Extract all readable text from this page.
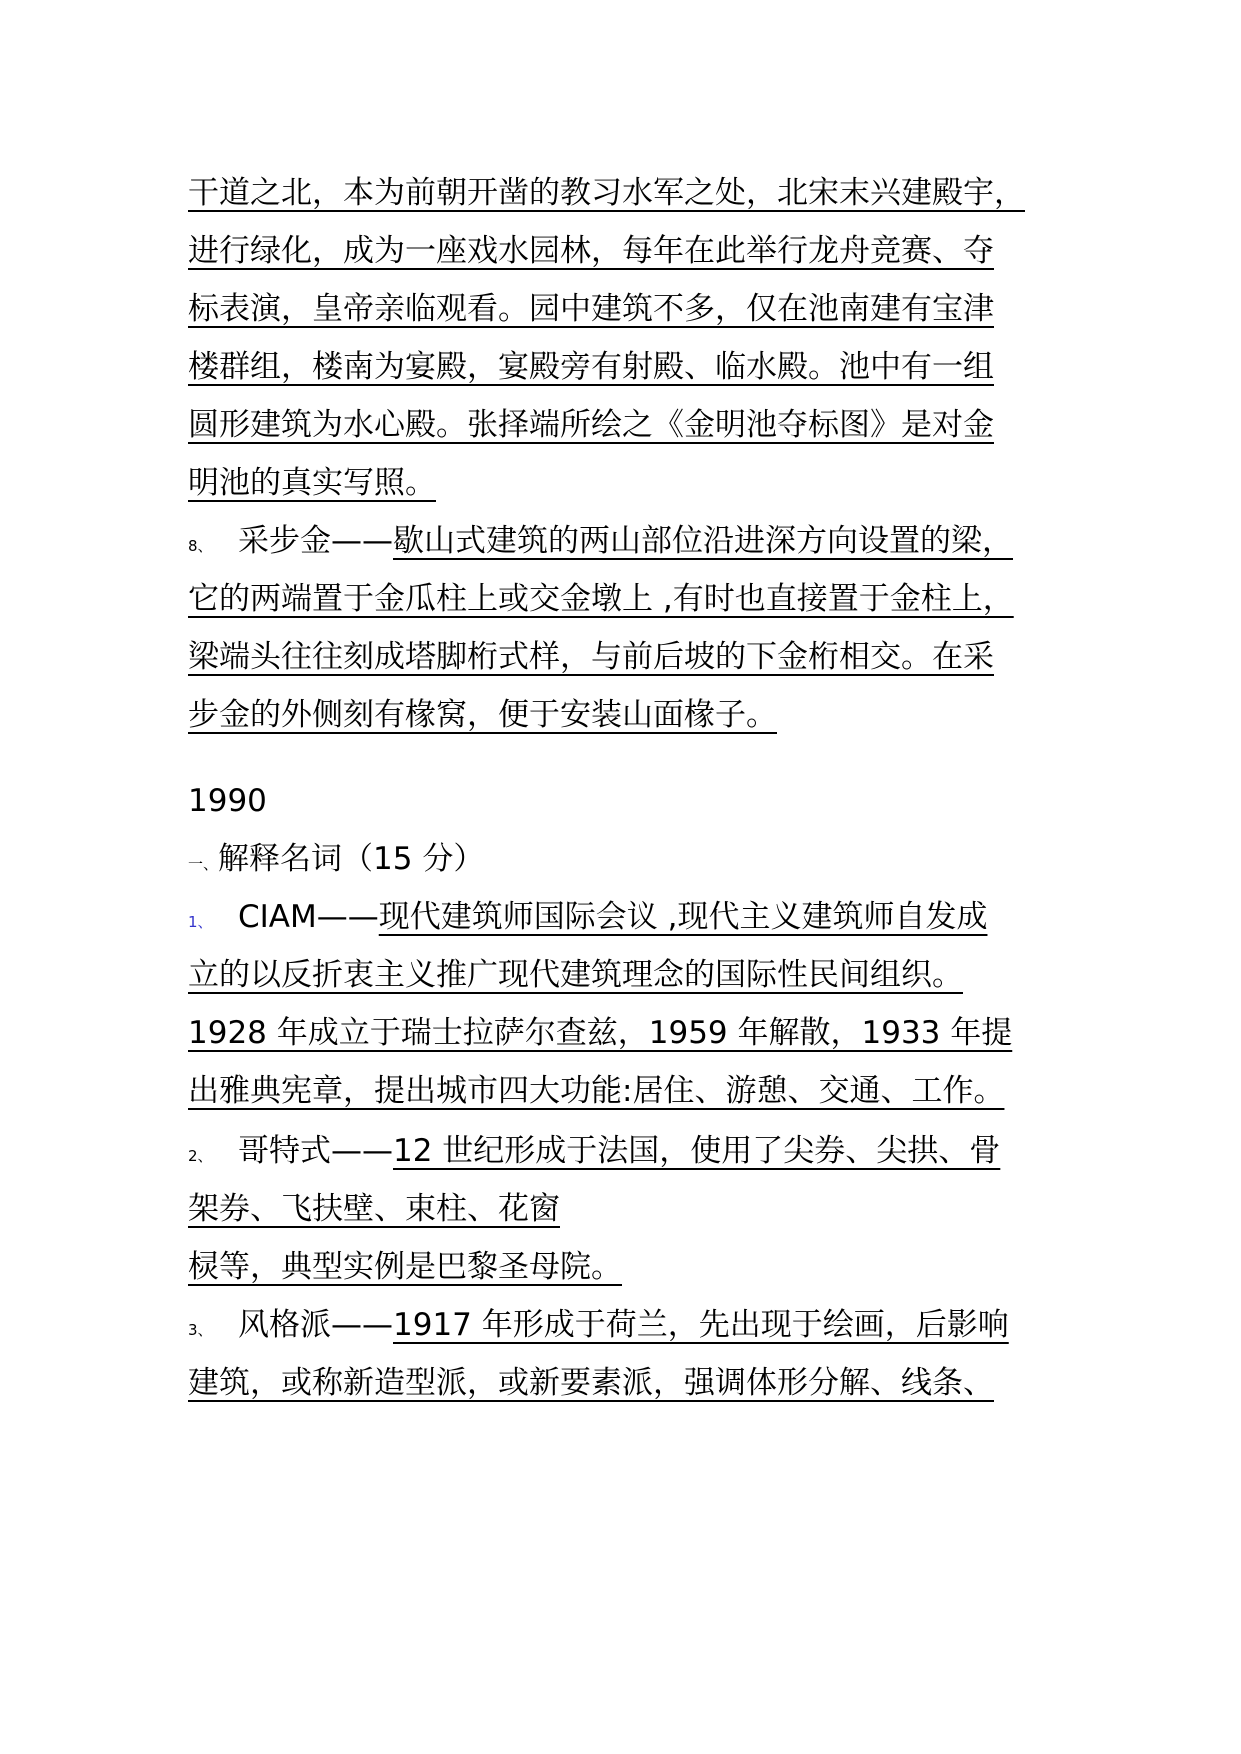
干道之北，本为前朝开凿的教习水军之处，北宋末兴建殿宇，
进行绿化，成为一座戏水园林，每年在此举行龙舟竞赛、夺
标表演，皇帝亲临观看。园中建筑不多，仅在池南建有宝津
楼群组，楼南为宴殿，宴殿旁有射殿、临水殿。池中有一组
圆形建筑为水心殿。张择端所绘之《金明池夺标图》是对金
明池的真实写照。
8、 采步金——歇山式建筑的两山部位沿进深方向设置的梁，
它的两端置于金瓜柱上或交金墩上 ,有时也直接置于金柱上，
梁端头往往刻成塔脚桁式样，与前后坡的下金桁相交。在采
步金的外侧刻有椽窝，便于安装山面椽子。
1990
一、解释名词（15 分）
1、 CIAM——现代建筑师国际会议 ,现代主义建筑师自发成
立的以反折衷主义推广现代建筑理念的国际性民间组织。
1928 年成立于瑞士拉萨尔查兹，1959 年解散，1933 年提
出雅典宪章，提出城市四大功能:居住、游憩、交通、工作。
2、 哥特式——12 世纪形成于法国，使用了尖券、尖拱、骨
架券、飞扶壁、束柱、花窗
棂等，典型实例是巴黎圣母院。
3、 风格派——1917 年形成于荷兰，先出现于绘画，后影响
建筑，或称新造型派，或新要素派，强调体形分解、线条、
